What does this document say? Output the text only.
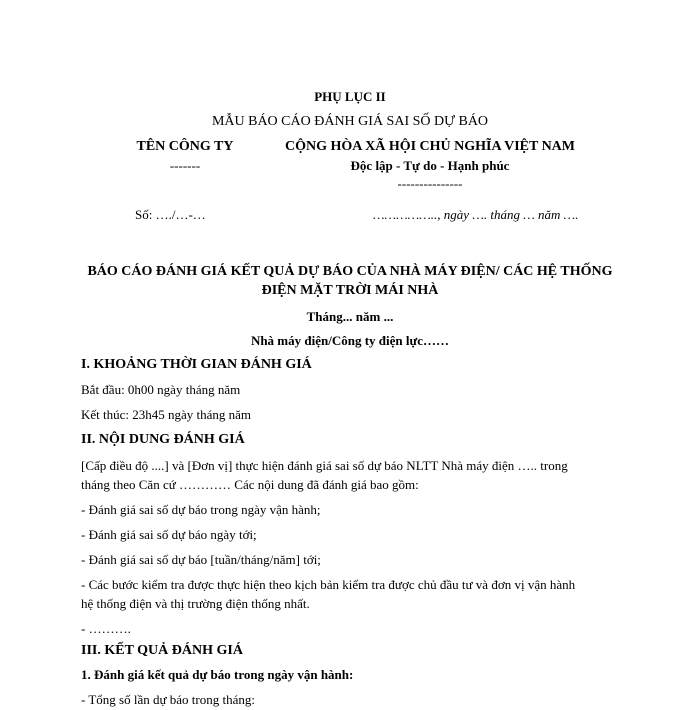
PHỤ LỤC II
MẪU BÁO CÁO ĐÁNH GIÁ SAI SỐ DỰ BÁO
TÊN CÔNG TY
-------
CỘNG HÒA XÃ HỘI CHỦ NGHĨA VIỆT NAM
Độc lập - Tự do - Hạnh phúc
---------------
Số: …./…-…	…………….., ngày …. tháng … năm ….
BÁO CÁO ĐÁNH GIÁ KẾT QUẢ DỰ BÁO CỦA NHÀ MÁY ĐIỆN/ CÁC HỆ THỐNG
ĐIỆN MẶT TRỜI MÁI NHÀ
Tháng... năm ...
Nhà máy điện/Công ty điện lực……
I. KHOẢNG THỜI GIAN ĐÁNH GIÁ
Bắt đầu: 0h00 ngày tháng năm
Kết thúc: 23h45 ngày tháng năm
II. NỘI DUNG ĐÁNH GIÁ
[Cấp điều độ ....] và [Đơn vị] thực hiện đánh giá sai số dự báo NLTT Nhà máy điện ….. trong
tháng theo Căn cứ ………… Các nội dung đã đánh giá bao gồm:
- Đánh giá sai số dự báo trong ngày vận hành;
- Đánh giá sai số dự báo ngày tới;
- Đánh giá sai số dự báo [tuần/tháng/năm] tới;
- Các bước kiểm tra được thực hiện theo kịch bản kiểm tra được chủ đầu tư và đơn vị vận hành
hệ thống điện và thị trường điện thống nhất.
- ……….
III. KẾT QUẢ ĐÁNH GIÁ
1. Đánh giá kết quả dự báo trong ngày vận hành:
- Tổng số lần dự báo trong tháng:
